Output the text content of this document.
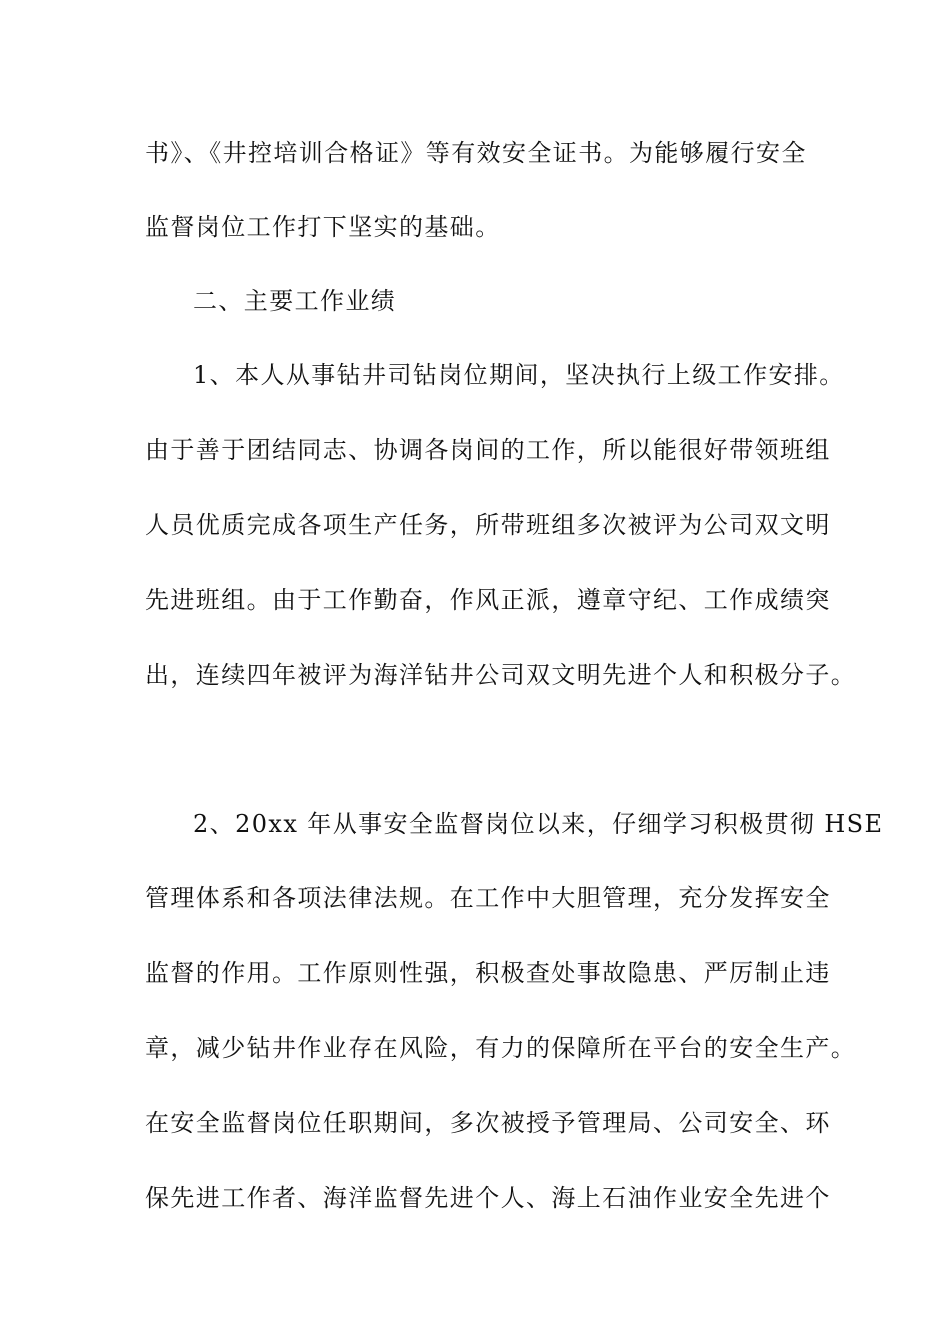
书》、《井控培训合格证》等有效安全证书。为能够履行安全
监督岗位工作打下坚实的基础。
二、主要工作业绩
1、本人从事钻井司钻岗位期间，坚决执行上级工作安排。
由于善于团结同志、协调各岗间的工作，所以能很好带领班组
人员优质完成各项生产任务，所带班组多次被评为公司双文明
先进班组。由于工作勤奋，作风正派，遵章守纪、工作成绩突
出，连续四年被评为海洋钻井公司双文明先进个人和积极分子。
2、20xx 年从事安全监督岗位以来，仔细学习积极贯彻 HSE
管理体系和各项法律法规。在工作中大胆管理，充分发挥安全
监督的作用。工作原则性强，积极查处事故隐患、严厉制止违
章，减少钻井作业存在风险，有力的保障所在平台的安全生产。
在安全监督岗位任职期间，多次被授予管理局、公司安全、环
保先进工作者、海洋监督先进个人、海上石油作业安全先进个
